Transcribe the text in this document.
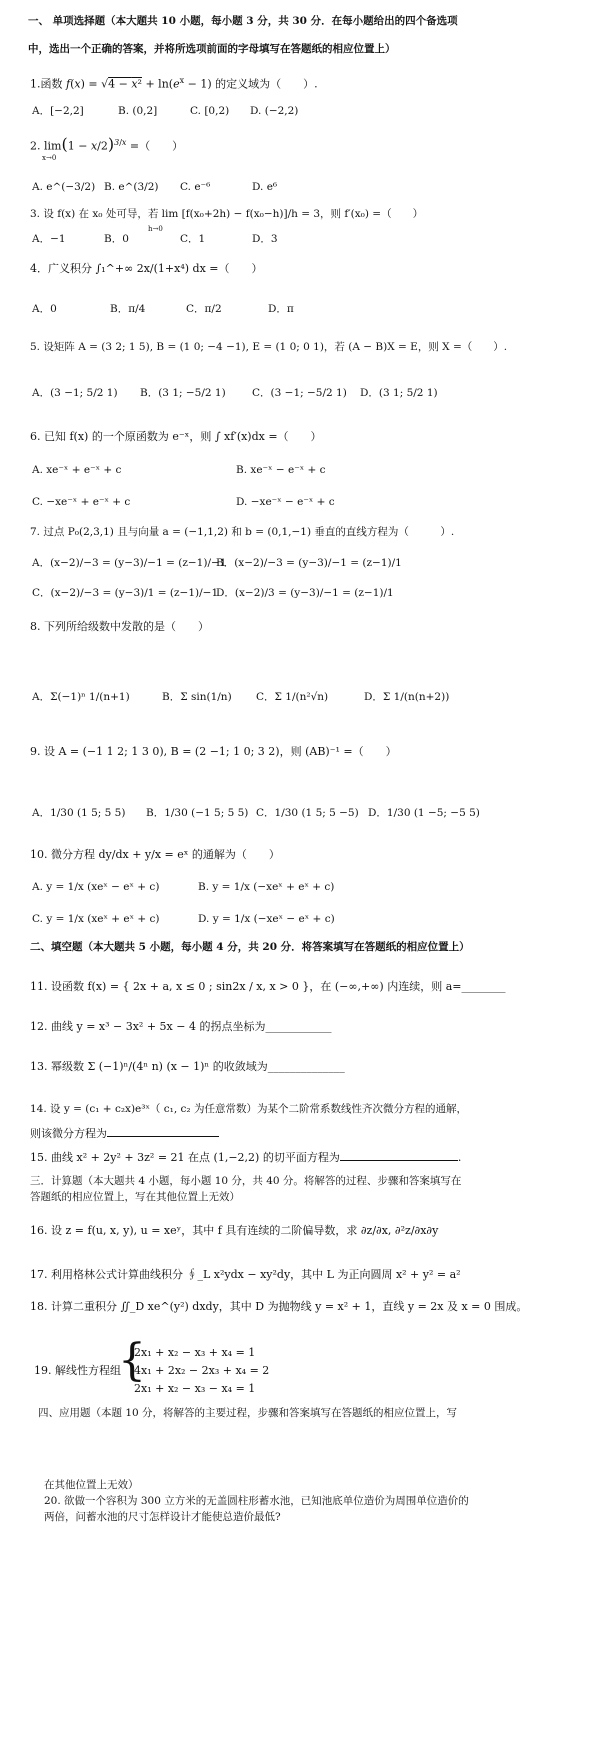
一、 单项选择题（本大题共 10 小题，每小题 3 分，共 30 分．在每小题给出的四个备选项
中，选出一个正确的答案，并将所选项前面的字母填写在答题纸的相应位置上）
1.函数 $f(x) = √4 - x^2 + \ln(e^x - 1)$ 的定义域为（　　）.
A．[−2,2]	B. (0,2]	C. [0,2) D. (−2,2)
2. $\lim(1 - x/2)^{3/x}$ =（　　）
x→0
A. e^(−3/2) B. e^(3/2) C. e⁻⁶	D. e⁶
3. 设 f(x) 在 x₀ 处可导，若 lim [f(x₀+2h) − f(x₀−h)]/h = 3，则 f′(x₀) =（　　）
h→0
A．−1	B．0	C．1	D．3
4．广义积分 ∫₁^+∞ 2x/(1+x⁴) dx =（　　）
A．0	B．π/4	C．π/2	D．π
5. 设矩阵 A = (3 2; 1 5), B = (1 0; −4 −1), E = (1 0; 0 1)，若 (A − B)X = E，则 X =（　　）.
A．(3 −1; 5/2 1) B．(3 1; −5/2 1)	C．(3 −1; −5/2 1) D．(3 1; 5/2 1)
6. 已知 f(x) 的一个原函数为 e⁻ˣ，则 ∫ xf′(x)dx =（　　）
A. xe⁻ˣ + e⁻ˣ + c	B. xe⁻ˣ − e⁻ˣ + c
C. −xe⁻ˣ + e⁻ˣ + c	D. −xe⁻ˣ − e⁻ˣ + c
7. 过点 P₀(2,3,1) 且与向量 a = (−1,1,2) 和 b = (0,1,−1) 垂直的直线方程为（　　　）.
A．(x−2)/−3 = (y−3)/−1 = (z−1)/−1
B．(x−2)/−3 = (y−3)/−1 = (z−1)/1
C．(x−2)/−3 = (y−3)/1 = (z−1)/−1
D．(x−2)/3 = (y−3)/−1 = (z−1)/1
8. 下列所给级数中发散的是（　　）
A．Σ(−1)ⁿ 1/(n+1)	B．Σ sin(1/n) C．Σ 1/(n²√n)	D．Σ 1/(n(n+2))
9. 设 A = (−1 1 2; 1 3 0), B = (2 −1; 1 0; 3 2)，则 (AB)⁻¹ =（　　）
A．1/30 (1 5; 5 5) B．1/30 (−1 5; 5 5) C．1/30 (1 5; 5 −5) D．1/30 (1 −5; −5 5)
10. 微分方程 dy/dx + y/x = eˣ 的通解为（　　）
A. y = 1/x (xeˣ − eˣ + c)	B. y = 1/x (−xeˣ + eˣ + c)
C. y = 1/x (xeˣ + eˣ + c)	D. y = 1/x (−xeˣ − eˣ + c)
二、填空题（本大题共 5 小题，每小题 4 分，共 20 分．将答案填写在答题纸的相应位置上）
11. 设函数 f(x) = { 2x + a, x ≤ 0 ; sin2x / x, x > 0 }，在 (−∞,+∞) 内连续，则 a=________
12. 曲线 y = x³ − 3x² + 5x − 4 的拐点坐标为____________
13. 幂级数 Σ (−1)ⁿ/(4ⁿ n) (x − 1)ⁿ 的收敛域为______________
14. 设 y = (c₁ + c₂x)e³ˣ（ c₁, c₂ 为任意常数）为某个二阶常系数线性齐次微分方程的通解，
则该微分方程为
15. 曲线 x² + 2y² + 3z² = 21 在点 (1,−2,2) 的切平面方程为	.
三．计算题（本大题共 4 小题，每小题 10 分，共 40 分。将解答的过程、步骤和答案填写在
答题纸的相应位置上，写在其他位置上无效）
16. 设 z = f(u, x, y), u = xeʸ，其中 f 具有连续的二阶偏导数，求 ∂z/∂x, ∂²z/∂x∂y
17. 利用格林公式计算曲线积分 ∮_L x²ydx − xy²dy，其中 L 为正向圆周 x² + y² = a²
18. 计算二重积分 ∬_D xe^(y²) dxdy，其中 D 为抛物线 y = x² + 1，直线 y = 2x 及 x = 0 围成。
19. 解线性方程组
{
2x₁ + x₂ − x₃ + x₄ = 1
4x₁ + 2x₂ − 2x₃ + x₄ = 2
2x₁ + x₂ − x₃ − x₄ = 1
四、应用题（本题 10 分，将解答的主要过程，步骤和答案填写在答题纸的相应位置上，写
在其他位置上无效）
20. 欲做一个容积为 300 立方米的无盖圆柱形蓄水池，已知池底单位造价为周围单位造价的
两倍，问蓄水池的尺寸怎样设计才能使总造价最低?
